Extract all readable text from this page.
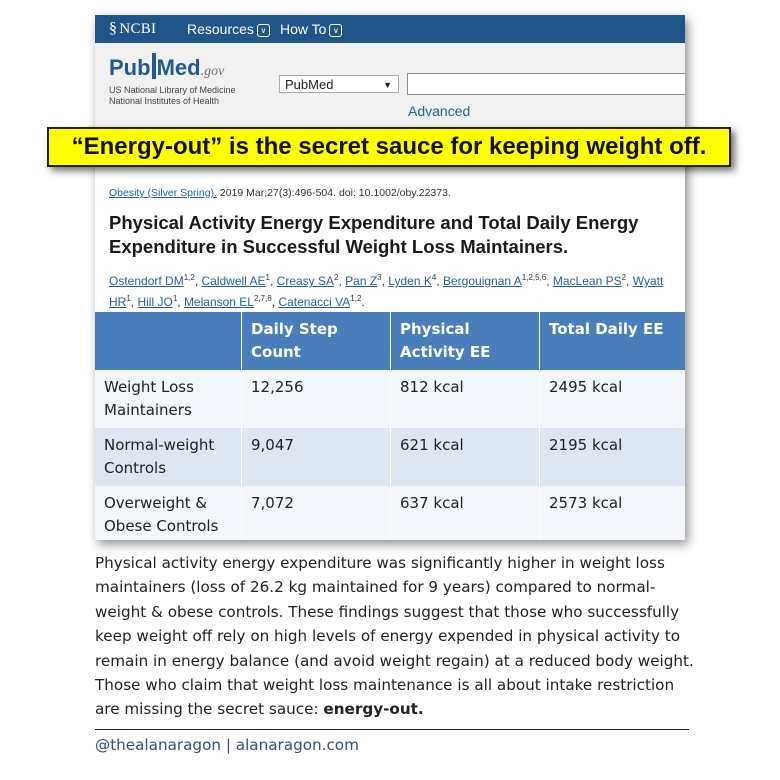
§ NCBI Resources ∨ How To ∨
Pub Med.gov
US National Library of Medicine
National Institutes of Health
PubMed	▼
Advanced
Obesity (Silver Spring). 2019 Mar;27(3):496-504. doi: 10.1002/oby.22373.
Physical Activity Energy Expenditure and Total Daily Energy Expenditure in Successful Weight Loss Maintainers.
Ostendorf DM$^{1,2}$, Caldwell $AE^1$, Creasy $SA^2$, Pan $Z^3$, Lyden $K^4$, Bergouignan A$^{1,2,5,6}$, MacLean $PS^2$, Wyatt $HR^1$, Hill $JO^1$, Melanson EL$^{2,7,8}$, Catenacci VA$^{1,2}$.
	Daily Step Count	Physical Activity EE	Total Daily EE
Weight Loss Maintainers	12,256	812 kcal	2495 kcal
Normal-weight Controls	9,047	621 kcal	2195 kcal
Overweight & Obese Controls	7,072	637 kcal	2573 kcal
“Energy-out” is the secret sauce for keeping weight off.

Physical activity energy expenditure was significantly higher in weight loss maintainers (loss of 26.2 kg maintained for 9 years) compared to normal-weight & obese controls. These findings suggest that those who successfully keep weight off rely on high levels of energy expended in physical activity to remain in energy balance (and avoid weight regain) at a reduced body weight. Those who claim that weight loss maintenance is all about intake restriction are missing the secret sauce: energy-out.

@thealanaragon | alanaragon.com
